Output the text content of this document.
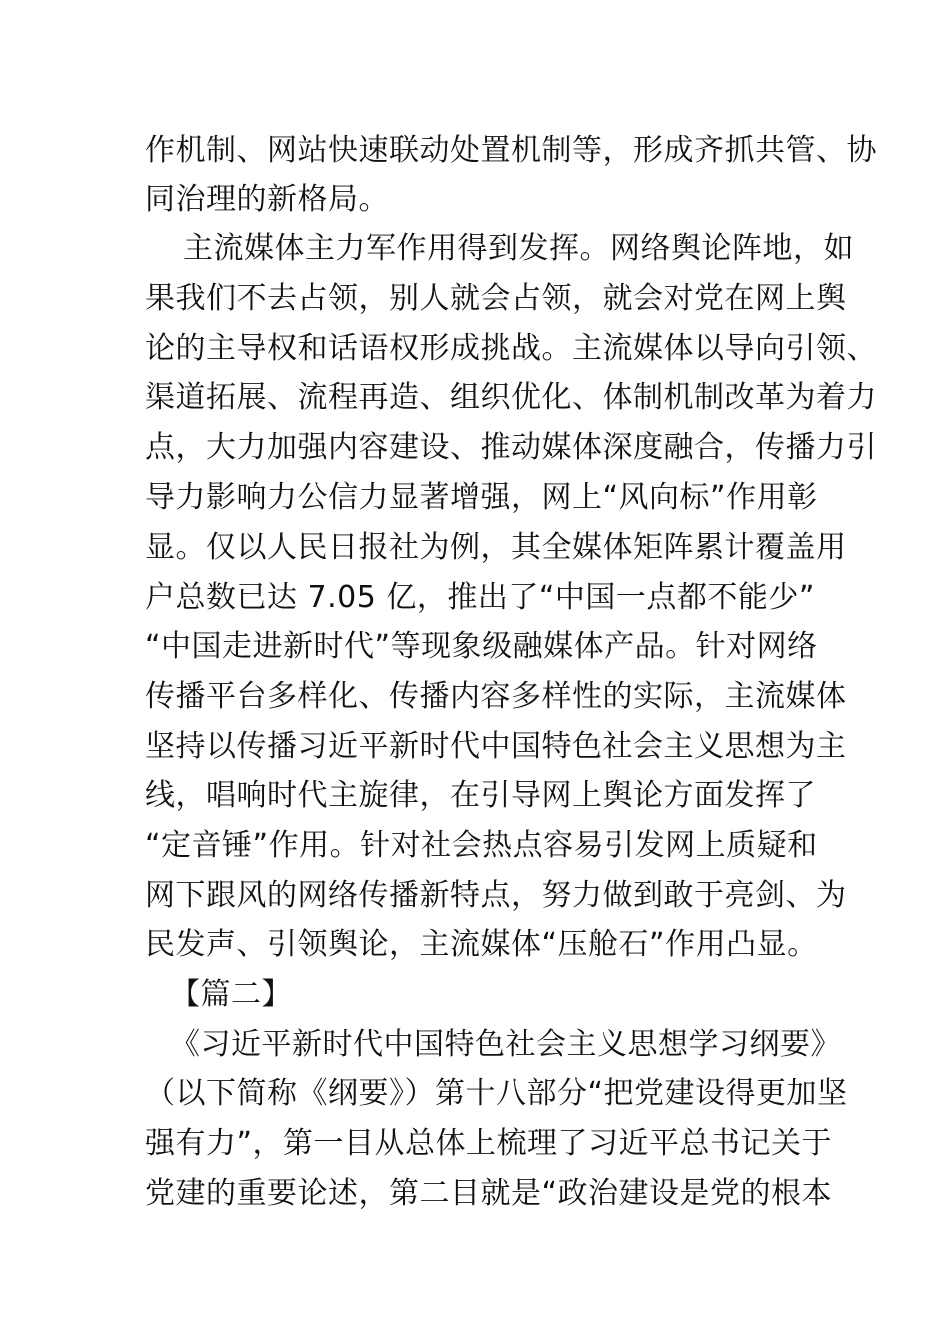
作机制、网站快速联动处置机制等，形成齐抓共管、协
同治理的新格局。
主流媒体主力军作用得到发挥。网络舆论阵地，如
果我们不去占领，别人就会占领，就会对党在网上舆
论的主导权和话语权形成挑战。主流媒体以导向引领、
渠道拓展、流程再造、组织优化、体制机制改革为着力
点，大力加强内容建设、推动媒体深度融合，传播力引
导力影响力公信力显著增强，网上“风向标”作用彰
显。仅以人民日报社为例，其全媒体矩阵累计覆盖用
户总数已达 7.05 亿，推出了“中国一点都不能少”
“中国走进新时代”等现象级融媒体产品。针对网络
传播平台多样化、传播内容多样性的实际，主流媒体
坚持以传播习近平新时代中国特色社会主义思想为主
线，唱响时代主旋律，在引导网上舆论方面发挥了
“定音锤”作用。针对社会热点容易引发网上质疑和
网下跟风的网络传播新特点，努力做到敢于亮剑、为
民发声、引领舆论，主流媒体“压舱石”作用凸显。
【篇二】
《习近平新时代中国特色社会主义思想学习纲要》
（以下简称《纲要》）第十八部分“把党建设得更加坚
强有力”，第一目从总体上梳理了习近平总书记关于
党建的重要论述，第二目就是“政治建设是党的根本
